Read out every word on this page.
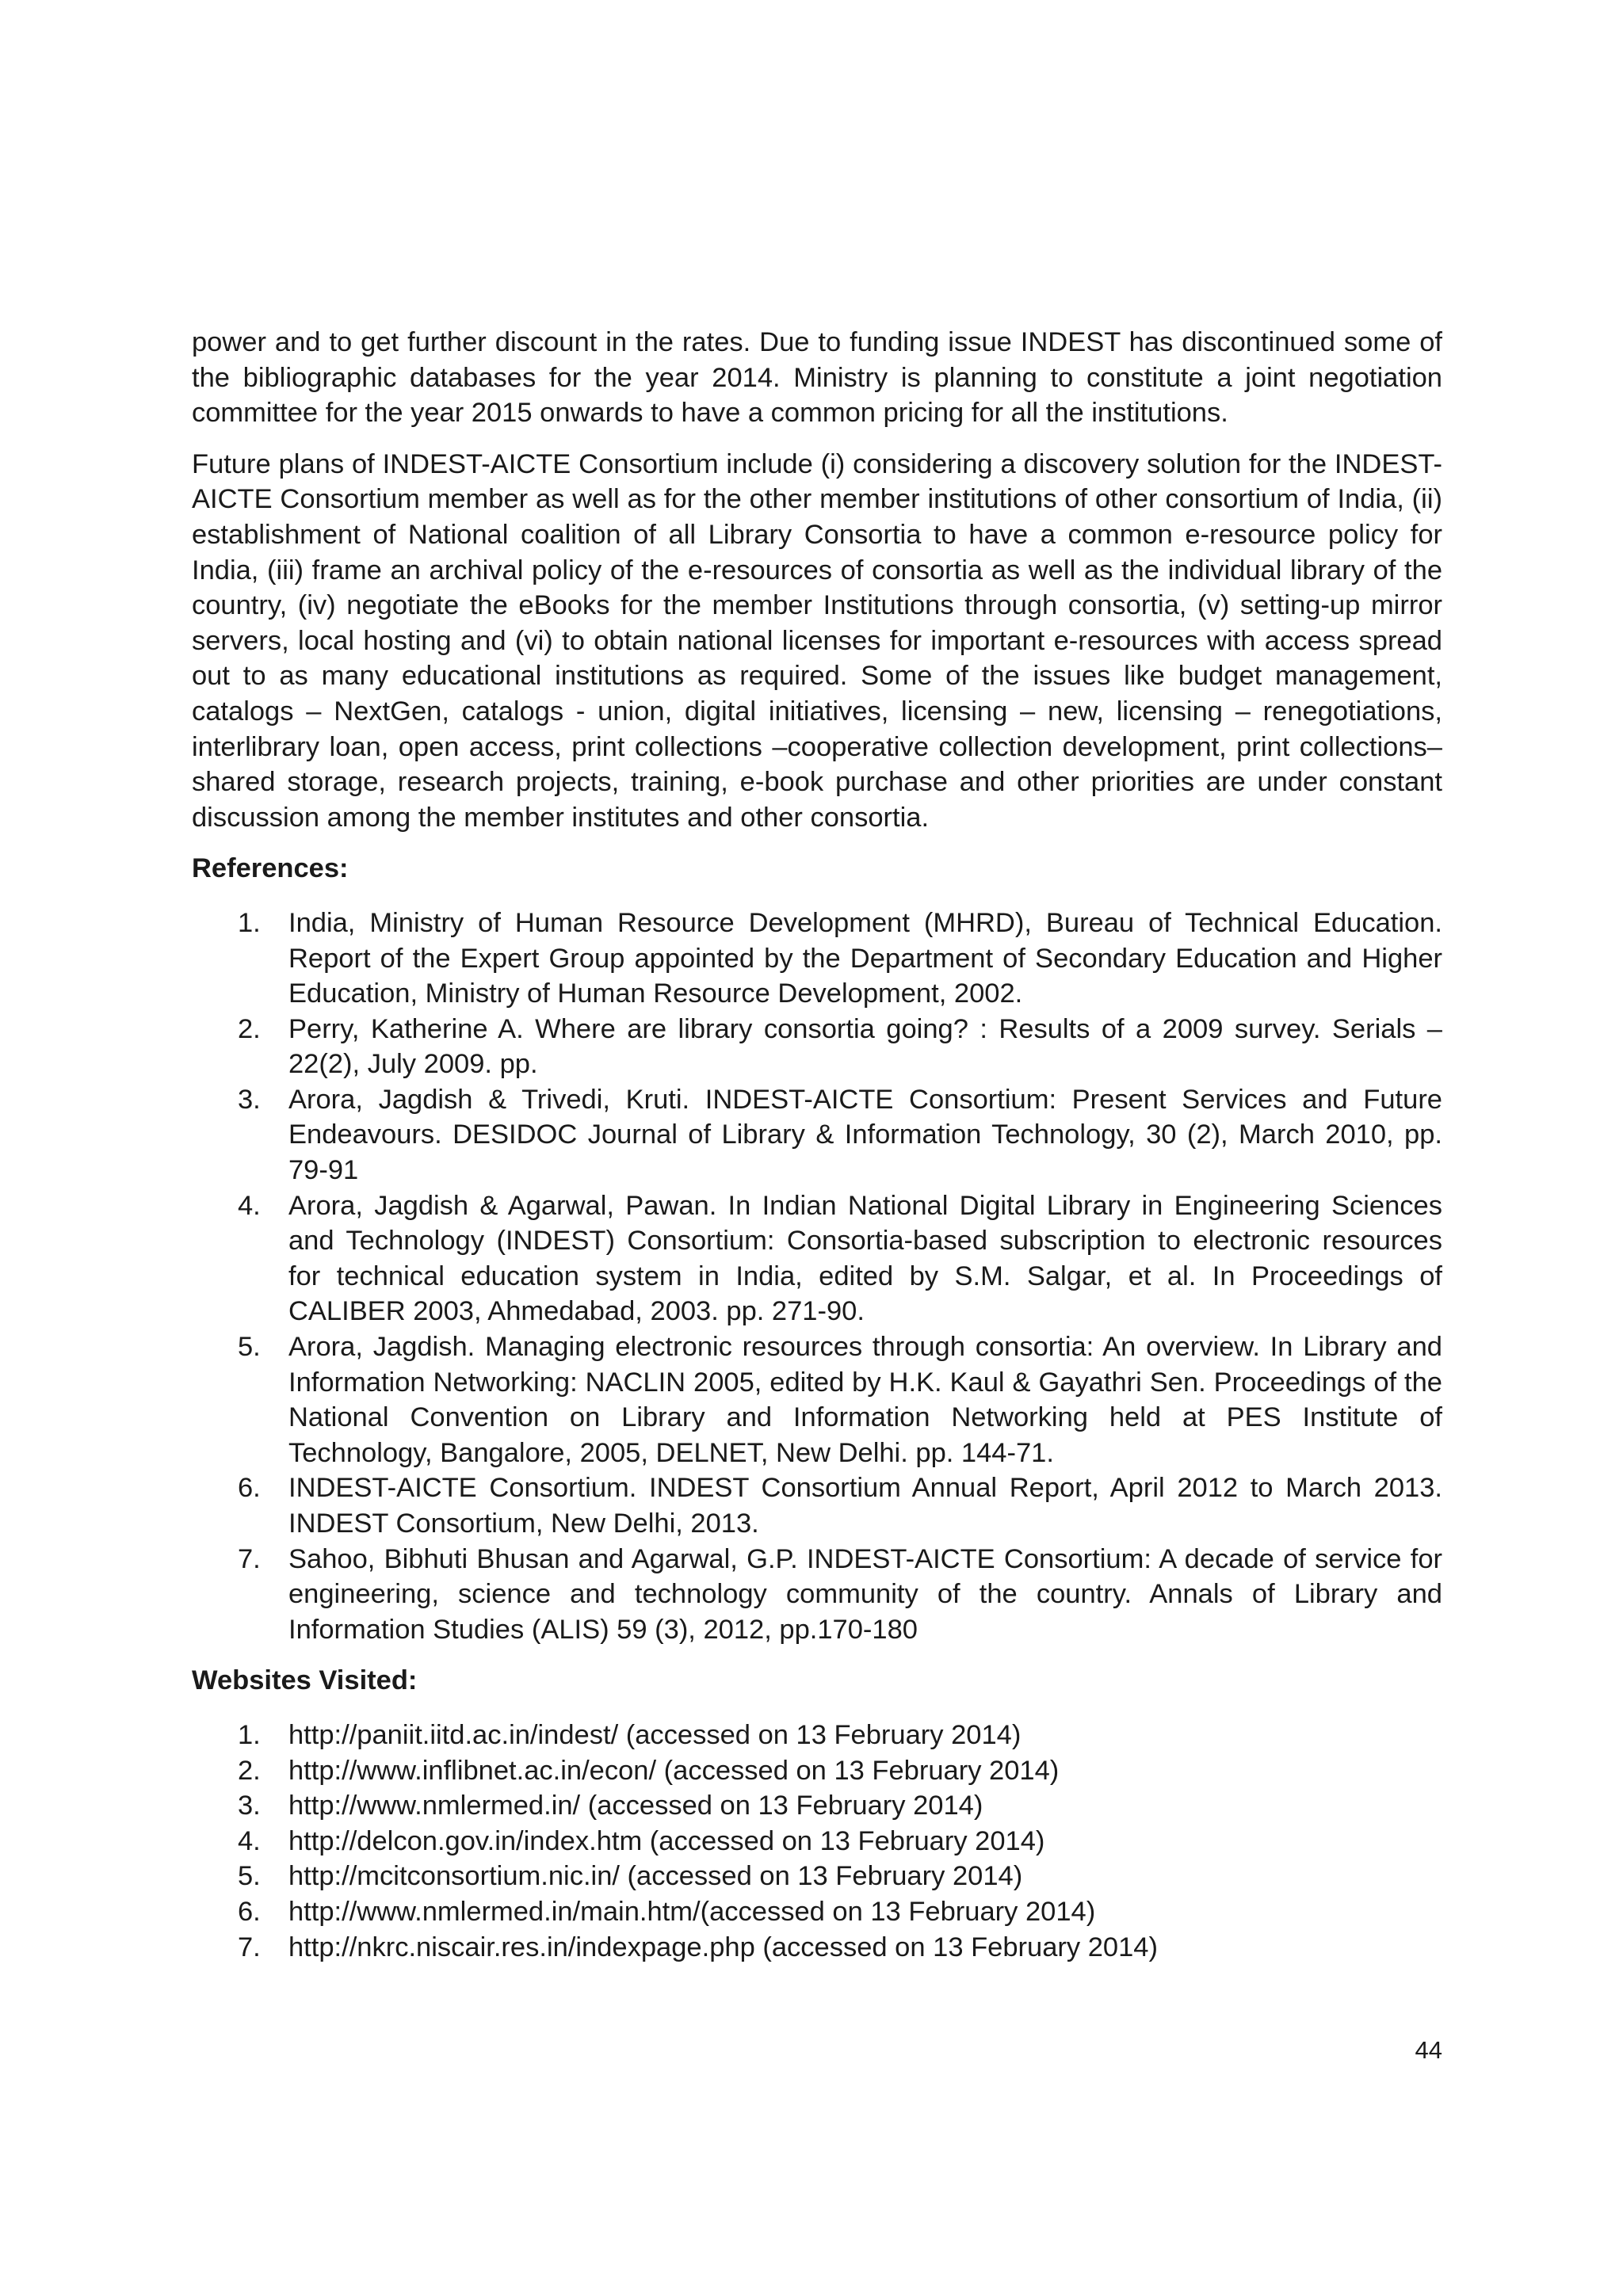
power and to get further discount in the rates. Due to funding issue INDEST has discontinued some of the bibliographic databases for the year 2014. Ministry is planning to constitute a joint negotiation committee for the year 2015 onwards to have a common pricing for all the institutions.

Future plans of INDEST-AICTE Consortium include (i) considering a discovery solution for the INDEST-AICTE Consortium member as well as for the other member institutions of other consortium of India, (ii) establishment of National coalition of all Library Consortia to have a common e-resource policy for India, (iii) frame an archival policy of the e-resources of consortia as well as the individual library of the country, (iv) negotiate the eBooks for the member Institutions through consortia, (v) setting-up mirror servers, local hosting and (vi) to obtain national licenses for important e-resources with access spread out to as many educational institutions as required. Some of the issues like budget management, catalogs – NextGen, catalogs - union, digital initiatives, licensing – new, licensing – renegotiations, interlibrary loan, open access, print collections –cooperative collection development, print collections– shared storage, research projects, training, e-book purchase and other priorities are under constant discussion among the member institutes and other consortia.

References:

1. India, Ministry of Human Resource Development (MHRD), Bureau of Technical Education. Report of the Expert Group appointed by the Department of Secondary Education and Higher Education, Ministry of Human Resource Development, 2002.
2. Perry, Katherine A. Where are library consortia going? : Results of a 2009 survey. Serials – 22(2), July 2009. pp.
3. Arora, Jagdish & Trivedi, Kruti. INDEST-AICTE Consortium: Present Services and Future Endeavours. DESIDOC Journal of Library & Information Technology, 30 (2), March 2010, pp. 79-91
4. Arora, Jagdish & Agarwal, Pawan. In Indian National Digital Library in Engineering Sciences and Technology (INDEST) Consortium: Consortia-based subscription to electronic resources for technical education system in India, edited by S.M. Salgar, et al. In Proceedings of CALIBER 2003, Ahmedabad, 2003. pp. 271-90.
5. Arora, Jagdish. Managing electronic resources through consortia: An overview. In Library and Information Networking: NACLIN 2005, edited by H.K. Kaul & Gayathri Sen. Proceedings of the National Convention on Library and Information Networking held at PES Institute of Technology, Bangalore, 2005, DELNET, New Delhi. pp. 144-71.
6. INDEST-AICTE Consortium. INDEST Consortium Annual Report, April 2012 to March 2013. INDEST Consortium, New Delhi, 2013.
7. Sahoo, Bibhuti Bhusan and Agarwal, G.P. INDEST-AICTE Consortium: A decade of service for engineering, science and technology community of the country. Annals of Library and Information Studies (ALIS) 59 (3), 2012, pp.170-180

Websites Visited:

1. http://paniit.iitd.ac.in/indest/ (accessed on 13 February 2014)
2. http://www.inflibnet.ac.in/econ/ (accessed on 13 February 2014)
3. http://www.nmlermed.in/ (accessed on 13 February 2014)
4. http://delcon.gov.in/index.htm (accessed on 13 February 2014)
5. http://mcitconsortium.nic.in/ (accessed on 13 February 2014)
6. http://www.nmlermed.in/main.htm/(accessed on 13 February 2014)
7. http://nkrc.niscair.res.in/indexpage.php (accessed on 13 February 2014)
44
